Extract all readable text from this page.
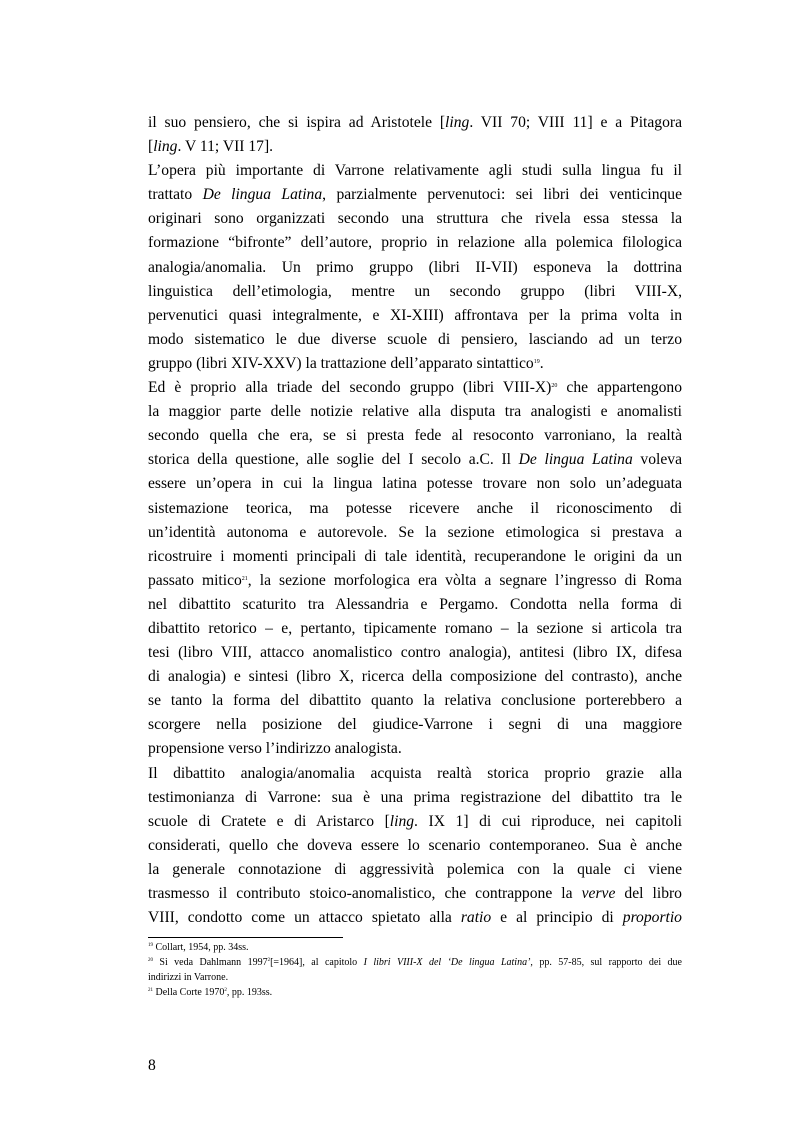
il suo pensiero, che si ispira ad Aristotele [ling. VII 70; VIII 11] e a Pitagora
[ling. V 11; VII 17].

L’opera più importante di Varrone relativamente agli studi sulla lingua fu il
trattato De lingua Latina, parzialmente pervenutoci: sei libri dei venticinque
originari sono organizzati secondo una struttura che rivela essa stessa la
formazione “bifronte” dell’autore, proprio in relazione alla polemica filologica
analogia/anomalia. Un primo gruppo (libri II-VII) esponeva la dottrina
linguistica dell’etimologia, mentre un secondo gruppo (libri VIII-X,
pervenutici quasi integralmente, e XI-XIII) affrontava per la prima volta in
modo sistematico le due diverse scuole di pensiero, lasciando ad un terzo
gruppo (libri XIV-XXV) la trattazione dell’apparato sintattico$^{19}$.

Ed è proprio alla triade del secondo gruppo (libri VIII-X)$^{20}$ che appartengono
la maggior parte delle notizie relative alla disputa tra analogisti e anomalisti
secondo quella che era, se si presta fede al resoconto varroniano, la realtà
storica della questione, alle soglie del I secolo a.C. Il De lingua Latina voleva
essere un’opera in cui la lingua latina potesse trovare non solo un’adeguata
sistemazione teorica, ma potesse ricevere anche il riconoscimento di
un’identità autonoma e autorevole. Se la sezione etimologica si prestava a
ricostruire i momenti principali di tale identità, recuperandone le origini da un
passato mitico$^{21}$, la sezione morfologica era vòlta a segnare l’ingresso di Roma
nel dibattito scaturito tra Alessandria e Pergamo. Condotta nella forma di
dibattito retorico – e, pertanto, tipicamente romano – la sezione si articola tra
tesi (libro VIII, attacco anomalistico contro analogia), antitesi (libro IX, difesa
di analogia) e sintesi (libro X, ricerca della composizione del contrasto), anche
se tanto la forma del dibattito quanto la relativa conclusione porterebbero a
scorgere nella posizione del giudice-Varrone i segni di una maggiore
propensione verso l’indirizzo analogista.

Il dibattito analogia/anomalia acquista realtà storica proprio grazie alla
testimonianza di Varrone: sua è una prima registrazione del dibattito tra le
scuole di Cratete e di Aristarco [ling. IX 1] di cui riproduce, nei capitoli
considerati, quello che doveva essere lo scenario contemporaneo. Sua è anche
la generale connotazione di aggressività polemica con la quale ci viene
trasmesso il contributo stoico-anomalistico, che contrappone la verve del libro
VIII, condotto come un attacco spietato alla ratio e al principio di proportio

$^{19}$ Collart, 1954, pp. 34ss.

$^{20}$ Si veda Dahlmann $1997^2[=1964]$, al capitolo I libri VIII-X del ‘De lingua Latina’, pp. 57-85, sul rapporto dei due
indirizzi in Varrone.

$^{21}$ Della Corte 1970$^2$, pp. 193ss.

8
